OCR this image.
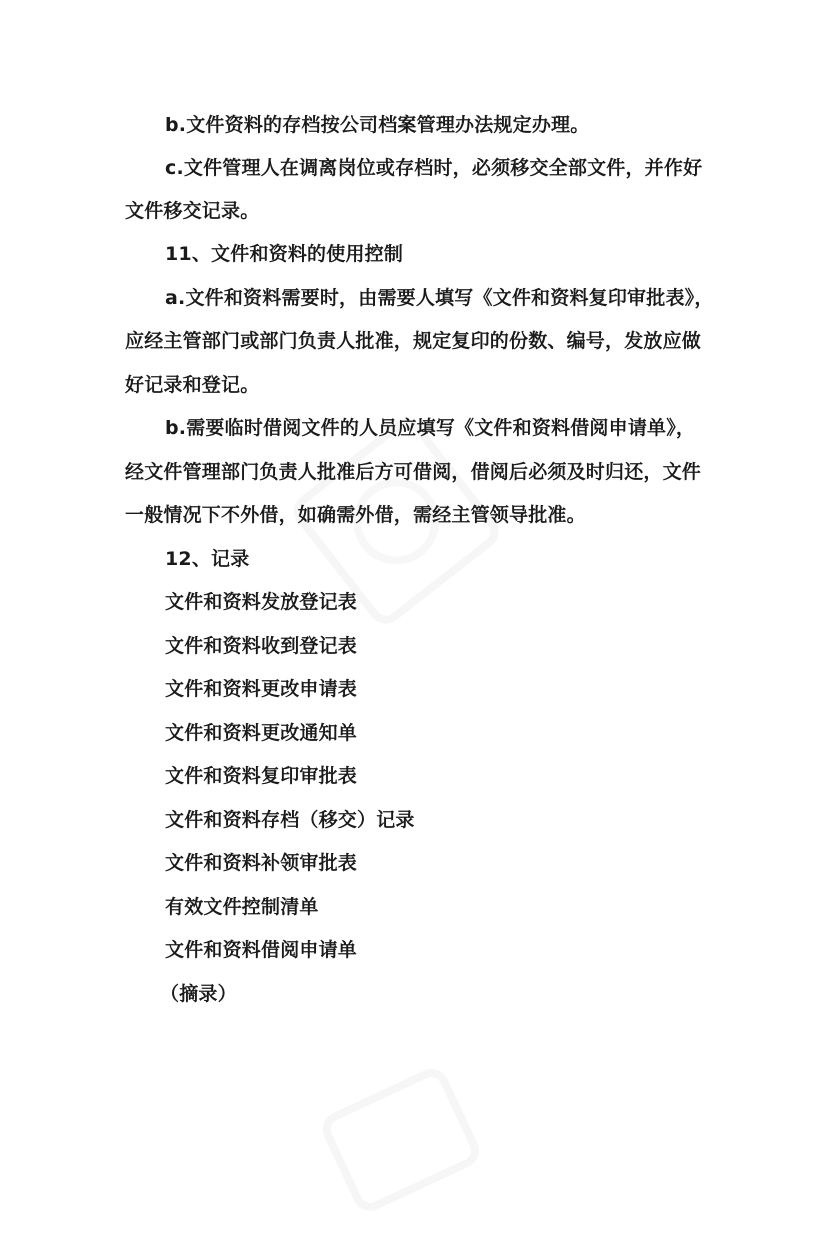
b.文件资料的存档按公司档案管理办法规定办理。
c.文件管理人在调离岗位或存档时，必须移交全部文件，并作好
文件移交记录。
11、文件和资料的使用控制
a.文件和资料需要时，由需要人填写《文件和资料复印审批表》，
应经主管部门或部门负责人批准，规定复印的份数、编号，发放应做
好记录和登记。
b.需要临时借阅文件的人员应填写《文件和资料借阅申请单》，
经文件管理部门负责人批准后方可借阅，借阅后必须及时归还，文件
一般情况下不外借，如确需外借，需经主管领导批准。
12、记录
文件和资料发放登记表
文件和资料收到登记表
文件和资料更改申请表
文件和资料更改通知单
文件和资料复印审批表
文件和资料存档（移交）记录
文件和资料补领审批表
有效文件控制清单
文件和资料借阅申请单
（摘录）
